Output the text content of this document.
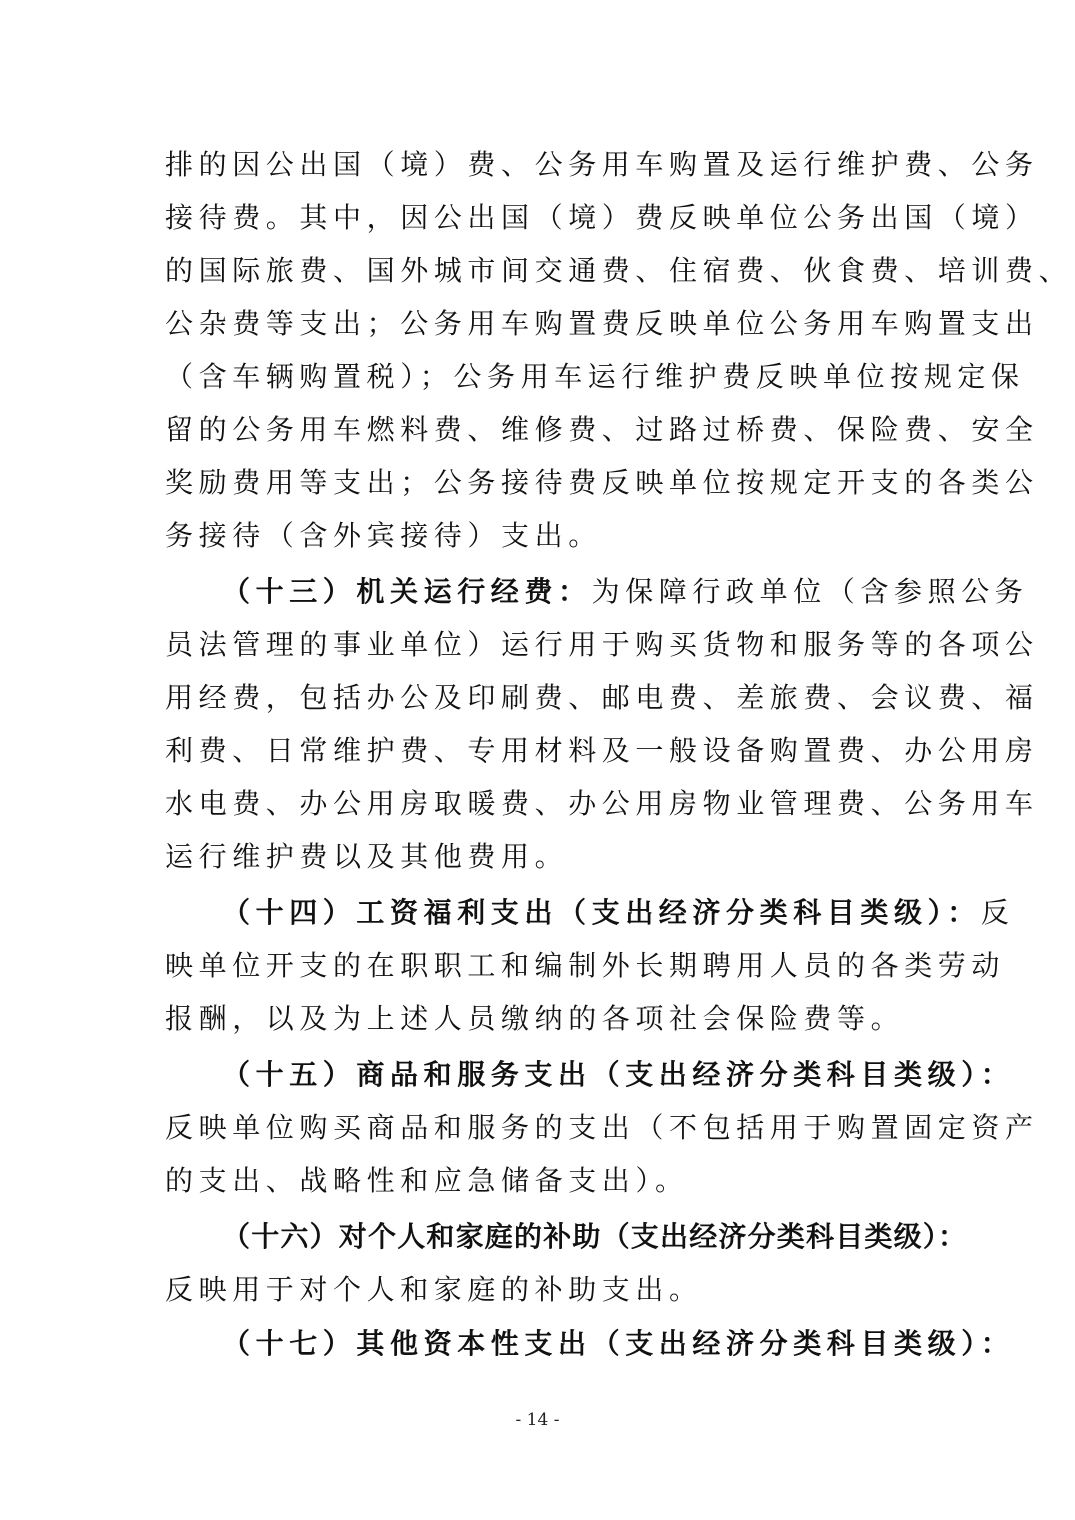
排的因公出国（境）费、公务用车购置及运行维护费、公务
接待费。其中，因公出国（境）费反映单位公务出国（境）
的国际旅费、国外城市间交通费、住宿费、伙食费、培训费、
公杂费等支出；公务用车购置费反映单位公务用车购置支出
（含车辆购置税）；公务用车运行维护费反映单位按规定保
留的公务用车燃料费、维修费、过路过桥费、保险费、安全
奖励费用等支出；公务接待费反映单位按规定开支的各类公
务接待（含外宾接待）支出。
（十三）机关运行经费：为保障行政单位（含参照公务
员法管理的事业单位）运行用于购买货物和服务等的各项公
用经费，包括办公及印刷费、邮电费、差旅费、会议费、福
利费、日常维护费、专用材料及一般设备购置费、办公用房
水电费、办公用房取暖费、办公用房物业管理费、公务用车
运行维护费以及其他费用。
（十四）工资福利支出（支出经济分类科目类级）：反
映单位开支的在职职工和编制外长期聘用人员的各类劳动
报酬，以及为上述人员缴纳的各项社会保险费等。
（十五）商品和服务支出（支出经济分类科目类级）：
反映单位购买商品和服务的支出（不包括用于购置固定资产
的支出、战略性和应急储备支出）。
（十六）对个人和家庭的补助（支出经济分类科目类级）：
反映用于对个人和家庭的补助支出。
（十七）其他资本性支出（支出经济分类科目类级）：
- 14 -
